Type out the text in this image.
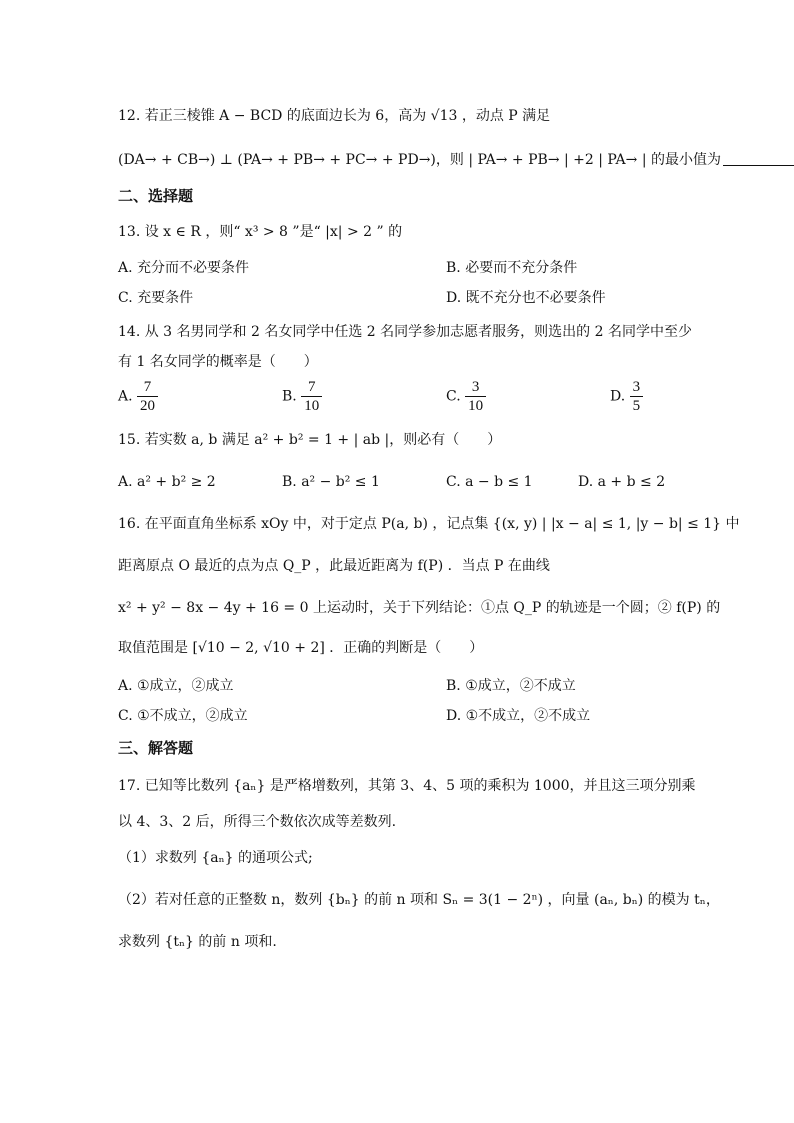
12. 若正三棱锥 A − BCD 的底面边长为 6，高为 √13 ，动点 P 满足
(DA→ + CB→) ⊥ (PA→ + PB→ + PC→ + PD→)，则 | PA→ + PB→ | +2 | PA→ | 的最小值为
二、选择题
13. 设 x ∈ R ，则“ x³ > 8 ”是“ |x| > 2 ” 的
A. 充分而不必要条件	B. 必要而不充分条件
C. 充要条件	D. 既不充分也不必要条件
14. 从 3 名男同学和 2 名女同学中任选 2 名同学参加志愿者服务，则选出的 2 名同学中至少
有 1 名女同学的概率是（　　）
A. $\frac{7}{20}$	B. $\frac{7}{10}$	C. $\frac{3}{10}$	D. $\frac{3}{5}$
15. 若实数 a, b 满足 a² + b² = 1 + | ab |，则必有（　　）
A. a² + b² ≥ 2	B. a² − b² ≤ 1	C. a − b ≤ 1	D. a + b ≤ 2
16. 在平面直角坐标系 xOy 中，对于定点 P(a, b) ，记点集 {(x, y) | |x − a| ≤ 1, |y − b| ≤ 1} 中
距离原点 O 最近的点为点 Q_P ，此最近距离为 f(P) ．当点 P 在曲线
x² + y² − 8x − 4y + 16 = 0 上运动时，关于下列结论：①点 Q_P 的轨迹是一个圆；② f(P) 的
取值范围是 [√10 − 2, √10 + 2] ．正确的判断是（　　）
A. ①成立，②成立	B. ①成立，②不成立
C. ①不成立，②成立	D. ①不成立，②不成立
三、解答题
17. 已知等比数列 {aₙ} 是严格增数列，其第 3、4、5 项的乘积为 1000，并且这三项分别乘
以 4、3、2 后，所得三个数依次成等差数列.
（1）求数列 {aₙ} 的通项公式;
（2）若对任意的正整数 n，数列 {bₙ} 的前 n 项和 Sₙ = 3(1 − 2ⁿ) ，向量 (aₙ, bₙ) 的模为 tₙ，
求数列 {tₙ} 的前 n 项和.
